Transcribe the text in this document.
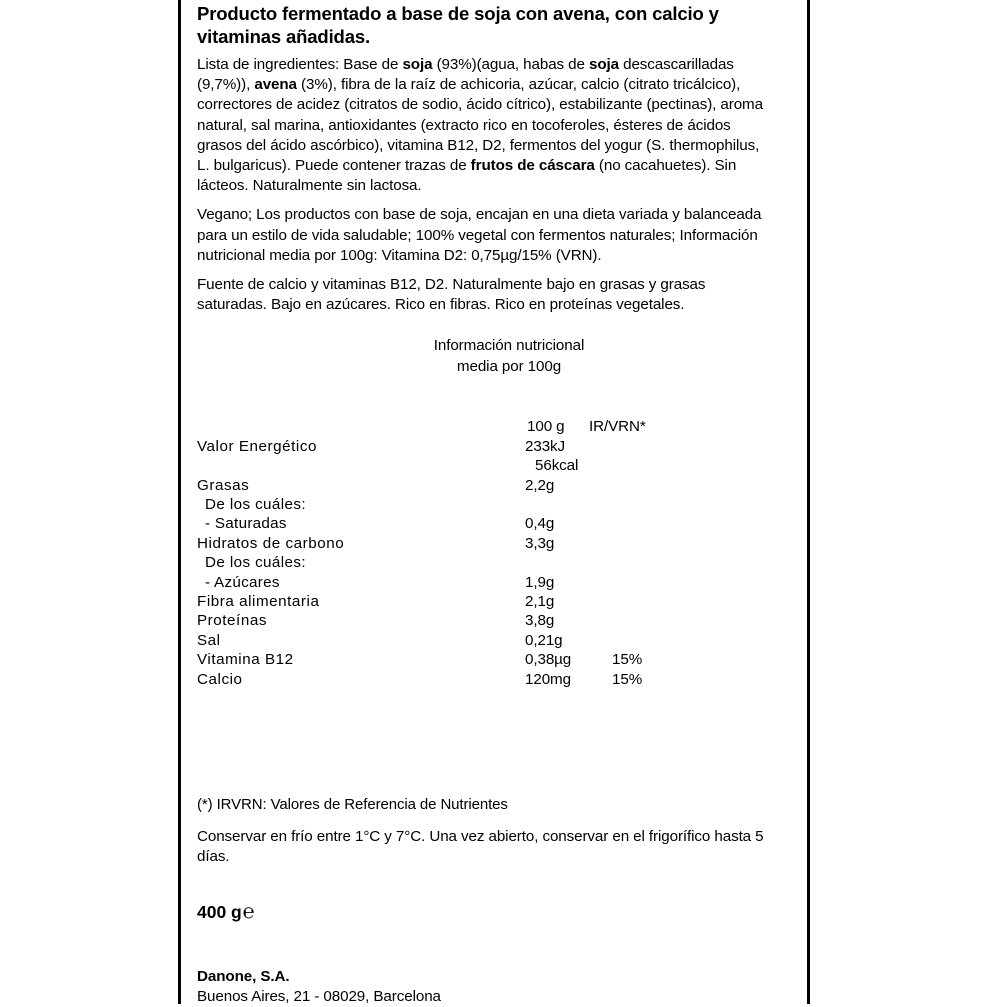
Producto fermentado a base de soja con avena, con calcio y vitaminas añadidas.

Lista de ingredientes: Base de soja (93%)(agua, habas de soja descascarilladas (9,7%)), avena (3%), fibra de la raíz de achicoria, azúcar, calcio (citrato tricálcico), correctores de acidez (citratos de sodio, ácido cítrico), estabilizante (pectinas), aroma natural, sal marina, antioxidantes (extracto rico en tocoferoles, ésteres de ácidos grasos del ácido ascórbico), vitamina B12, D2, fermentos del yogur (S. thermophilus, L. bulgaricus). Puede contener trazas de frutos de cáscara (no cacahuetes). Sin lácteos. Naturalmente sin lactosa.

Vegano; Los productos con base de soja, encajan en una dieta variada y balanceada para un estilo de vida saludable; 100% vegetal con fermentos naturales; Información nutricional media por 100g: Vitamina D2: 0,75µg/15% (VRN).

Fuente de calcio y vitaminas B12, D2. Naturalmente bajo en grasas y grasas saturadas. Bajo en azúcares. Rico en fibras. Rico en proteínas vegetales.

Información nutricional
media por 100g
100 g IR/VRN*
Valor Energético	233kJ
56kcal
Grasas	2,2g
De los cuáles:
- Saturadas	0,4g
Hidratos de carbono	3,3g
De los cuáles:
- Azúcares	1,9g
Fibra alimentaria	2,1g
Proteínas	3,8g
Sal	0,21g
Vitamina B12	0,38µg	15%
Calcio	120mg	15%

(*) IRVRN: Valores de Referencia de Nutrientes

Conservar en frío entre 1°C y 7°C. Una vez abierto, conservar en el frigorífico hasta 5 días.

400 g℮

Danone, S.A.

Buenos Aires, 21 - 08029, Barcelona
